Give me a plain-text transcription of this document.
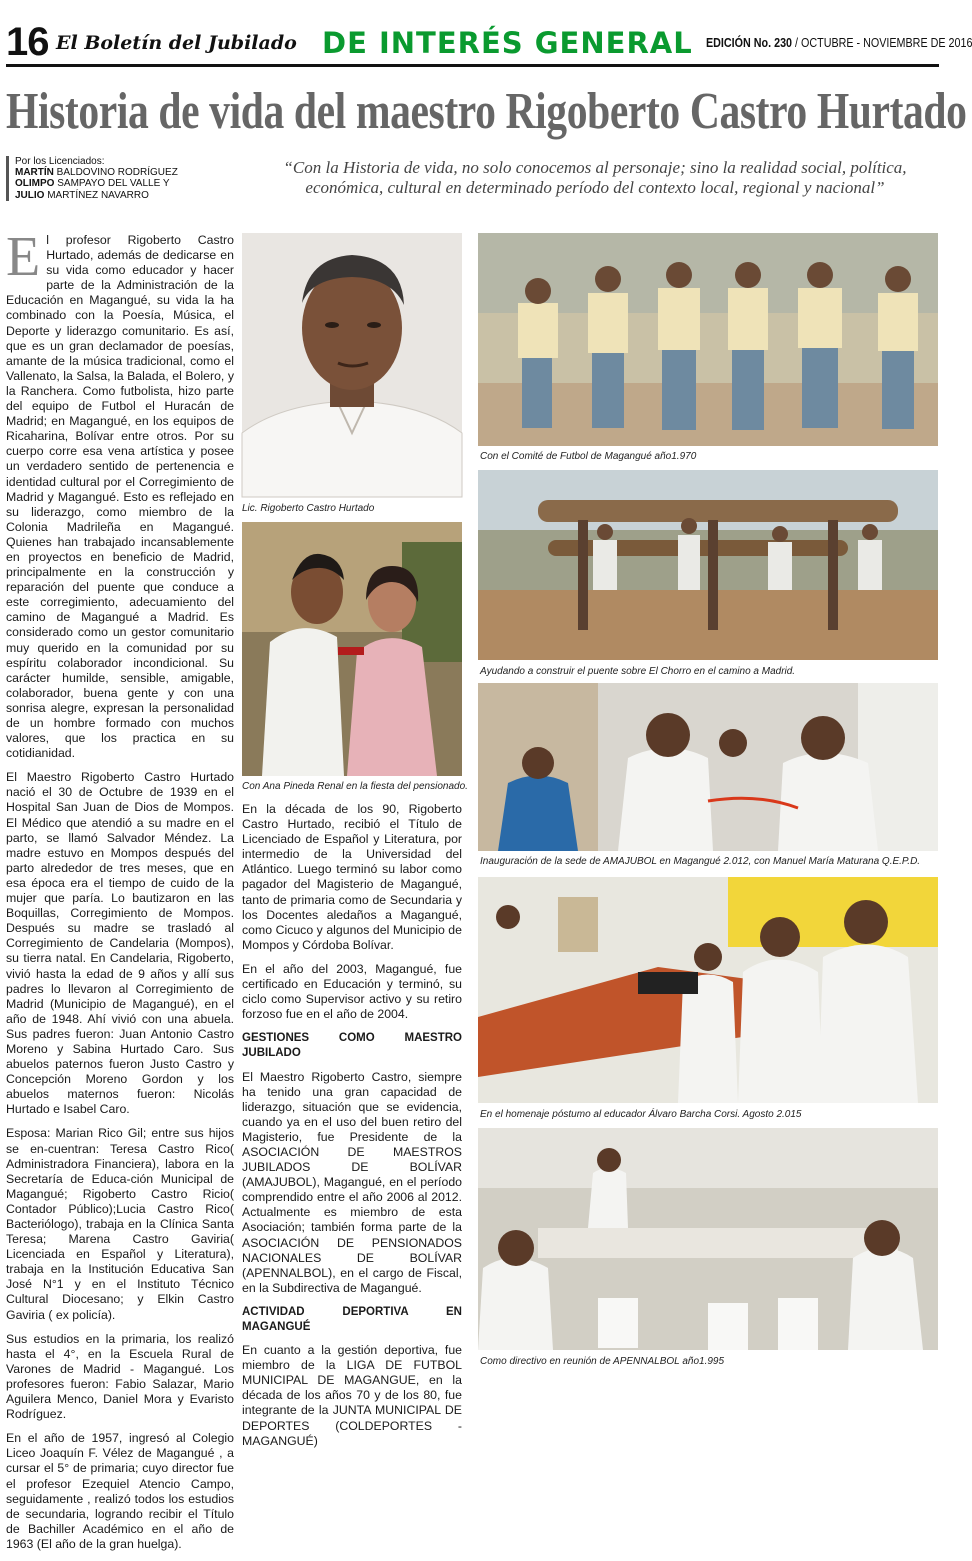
16 El Boletín del Jubilado DE INTERÉS GENERAL EDICIÓN No. 230 / OCTUBRE - NOVIEMBRE DE 2016
Historia de vida del maestro Rigoberto Castro Hurtado
Por los Licenciados:
MARTÍN BALDOVINO RODRÍGUEZ
OLIMPO SAMPAYO DEL VALLE Y
JULIO MARTÍNEZ NAVARRO
“Con la Historia de vida, no solo conocemos al personaje; sino la realidad social, política, económica, cultural en determinado período del contexto local, regional y nacional”

El profesor Rigoberto Castro Hurtado, además de dedicarse en su vida como educador y hacer parte de la Administración de la Educación en Magangué, su vida la ha combinado con la Poesía, Música, el Deporte y liderazgo comunitario. Es así, que es un gran declamador de poesías, amante de la música tradicional, como el Vallenato, la Salsa, la Balada, el Bolero, y la Ranchera. Como futbolista, hizo parte del equipo de Futbol el Huracán de Madrid; en Magangué, en los equipos de Ricaharina, Bolívar entre otros. Por su cuerpo corre esa vena artística y posee un verdadero sentido de pertenencia e identidad cultural por el Corregimiento de Madrid y Magangué. Esto es reflejado en su liderazgo, como miembro de la Colonia Madrileña en Magangué. Quienes han trabajado incansablemente en proyectos en beneficio de Madrid, principalmente en la construcción y reparación del puente que conduce a este corregimiento, adecuamiento del camino de Magangué a Madrid. Es considerado como un gestor comunitario muy querido en la comunidad por su espíritu colaborador incondicional. Su carácter humilde, sensible, amigable, colaborador, buena gente y con una sonrisa alegre, expresan la personalidad de un hombre formado con muchos valores, que los practica en su cotidianidad.

El Maestro Rigoberto Castro Hurtado nació el 30 de Octubre de 1939 en el Hospital San Juan de Dios de Mompos. El Médico que atendió a su madre en el parto, se llamó Salvador Méndez. La madre estuvo en Mompos después del parto alrededor de tres meses, que en esa época era el tiempo de cuido de la mujer que paría. Lo bautizaron en las Boquillas, Corregimiento de Mompos. Después su madre se trasladó al Corregimiento de Candelaria (Mompos), su tierra natal. En Candelaria, Rigoberto, vivió hasta la edad de 9 años y allí sus padres lo llevaron al Corregimiento de Madrid (Municipio de Magangué), en el año de 1948. Ahí vivió con una abuela. Sus padres fueron: Juan Antonio Castro Moreno y Sabina Hurtado Caro. Sus abuelos paternos fueron Justo Castro y Concepción Moreno Gordon y los abuelos maternos fueron: Nicolás Hurtado e Isabel Caro.

Esposa: Marian Rico Gil; entre sus hijos se en-cuentran: Teresa Castro Rico( Administradora Financiera), labora en la Secretaría de Educa-ción Municipal de Magangué; Rigoberto Castro Ricio( Contador Público);Lucia Castro Rico( Bacteriólogo), trabaja en la Clínica Santa Teresa; Marena Castro Gaviria( Licenciada en Español y Literatura), trabaja en la Institución Educativa San José N°1 y en el Instituto Técnico Cultural Diocesano; y Elkin Castro Gaviria ( ex policía).

Sus estudios en la primaria, los realizó hasta el 4°, en la Escuela Rural de Varones de Madrid - Magangué. Los profesores fueron: Fabio Salazar, Mario Aguilera Menco, Daniel Mora y Evaristo Rodríguez.

En el año de 1957, ingresó al Colegio Liceo Joaquín F. Vélez de Magangué , a cursar el 5° de primaria; cuyo director fue el profesor Ezequiel Atencio Campo, seguidamente , realizó todos los estudios de secundaria, logrando recibir el Título de Bachiller Académico en el año de 1963 (El año de la gran huelga).

En la década de los 90, Rigoberto Castro Hurtado, recibió el Título de Licenciado de Español y Literatura, por intermedio de la Universidad del Atlántico. Luego terminó su labor como pagador del Magisterio de Magangué, tanto de primaria como de Secundaria y los Docentes aledaños a Magangué, como Cicuco y algunos del Municipio de Mompos y Córdoba Bolívar.

En el año del 2003, Magangué, fue certificado en Educación y terminó, su ciclo como Supervisor activo y su retiro forzoso fue en el año de 2004.

GESTIONES COMO MAESTRO JUBILADO

El Maestro Rigoberto Castro, siempre ha tenido una gran capacidad de liderazgo, situación que se evidencia, cuando ya en el uso del buen retiro del Magisterio, fue Presidente de la ASOCIACIÓN DE MAESTROS JUBILADOS DE BOLÍVAR (AMAJUBOL), Magangué, en el período comprendido entre el año 2006 al 2012. Actualmente es miembro de esta Asociación; también forma parte de la ASOCIACIÓN DE PENSIONADOS NACIONALES DE BOLÍVAR (APENNALBOL), en el cargo de Fiscal, en la Subdirectiva de Magangué.

ACTIVIDAD DEPORTIVA EN MAGANGUÉ

En cuanto a la gestión deportiva, fue miembro de la LIGA DE FUTBOL MUNICIPAL DE MAGANGUE, en la década de los años 70 y de los 80, fue integrante de la JUNTA MUNICIPAL DE DEPORTES (COLDEPORTES - MAGANGUÉ)

Lic. Rigoberto Castro Hurtado
Con Ana Pineda Renal en la fiesta del pensionado.
Con el Comité de Futbol de Magangué año1.970
Ayudando a construir el puente sobre El Chorro en el camino a Madrid.
Inauguración de la sede de AMAJUBOL en Magangué 2.012, con Manuel María Maturana Q.E.P.D.
En el homenaje póstumo al educador Álvaro Barcha Corsi. Agosto 2.015
Como directivo en reunión de APENNALBOL año1.995
